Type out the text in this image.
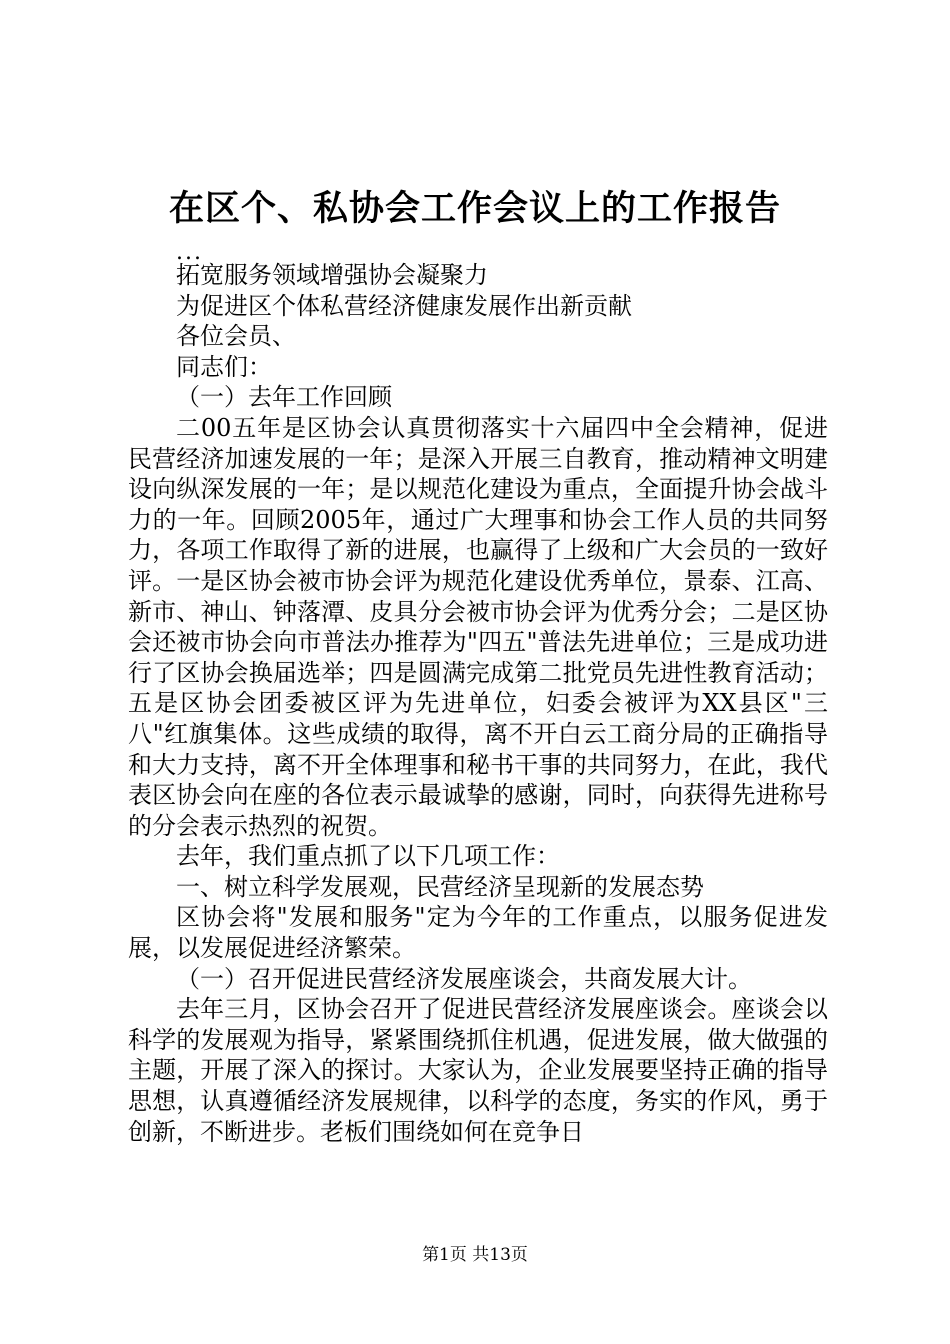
在区个、私协会工作会议上的工作报告
...

拓宽服务领域增强协会凝聚力

为促进区个体私营经济健康发展作出新贡献

各位会员、

同志们：

（一）去年工作回顾

二00五年是区协会认真贯彻落实十六届四中全会精神，促进民营经济加速发展的一年；是深入开展三自教育，推动精神文明建设向纵深发展的一年；是以规范化建设为重点，全面提升协会战斗力的一年。回顾2005年，通过广大理事和协会工作人员的共同努力，各项工作取得了新的进展，也赢得了上级和广大会员的一致好评。一是区协会被市协会评为规范化建设优秀单位，景泰、江高、新市、神山、钟落潭、皮具分会被市协会评为优秀分会；二是区协会还被市协会向市普法办推荐为"四五"普法先进单位；三是成功进行了区协会换届选举；四是圆满完成第二批党员先进性教育活动；五是区协会团委被区评为先进单位，妇委会被评为XX县区"三八"红旗集体。这些成绩的取得，离不开白云工商分局的正确指导和大力支持，离不开全体理事和秘书干事的共同努力，在此，我代表区协会向在座的各位表示最诚挚的感谢，同时，向获得先进称号的分会表示热烈的祝贺。

去年，我们重点抓了以下几项工作：

一、树立科学发展观，民营经济呈现新的发展态势

区协会将"发展和服务"定为今年的工作重点，以服务促进发展，以发展促进经济繁荣。

（一）召开促进民营经济发展座谈会，共商发展大计。

去年三月，区协会召开了促进民营经济发展座谈会。座谈会以科学的发展观为指导，紧紧围绕抓住机遇，促进发展，做大做强的主题，开展了深入的探讨。大家认为，企业发展要坚持正确的指导思想，认真遵循经济发展规律，以科学的态度，务实的作风，勇于创新，不断进步。老板们围绕如何在竞争日

第1页 共13页
